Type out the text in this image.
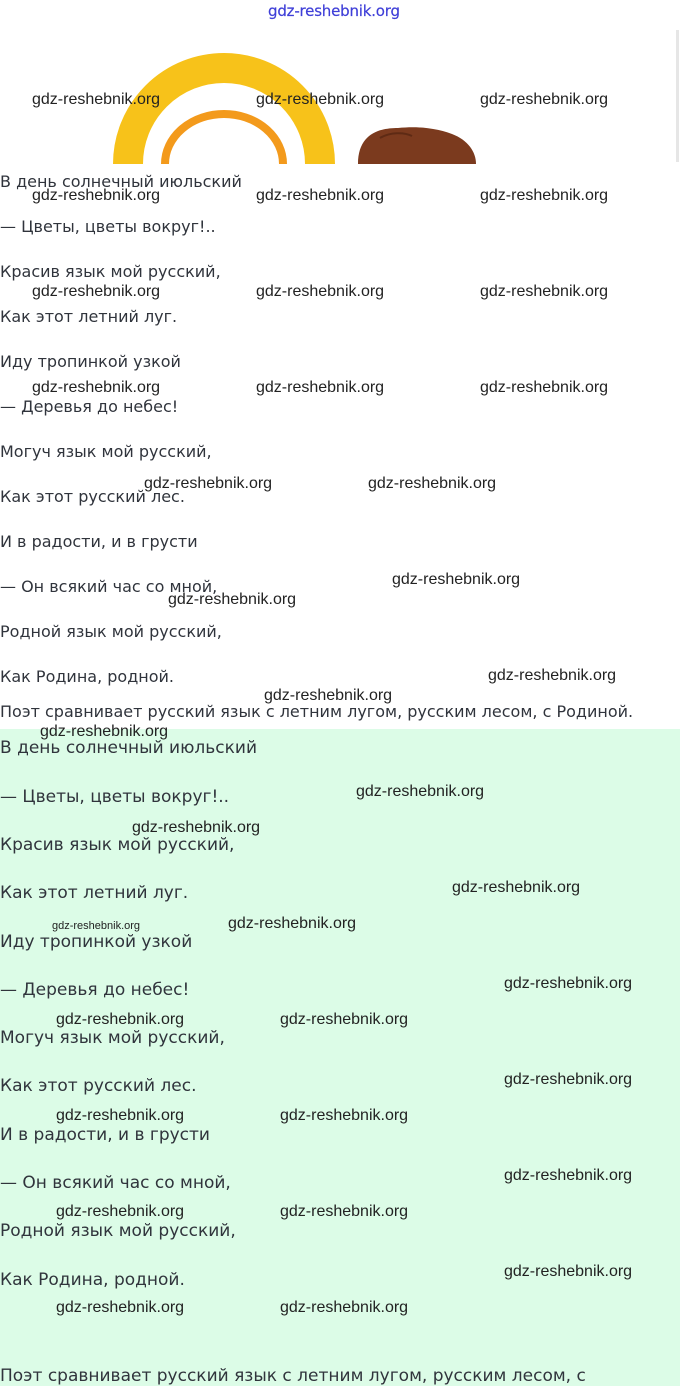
gdz-reshebnik.org
В день солнечный июльский
— Цветы, цветы вокруг!..
Красив язык мой русский,
Как этот летний луг.
Иду тропинкой узкой
— Деревья до небес!
Могуч язык мой русский,
Как этот русский лес.
И в радости, и в грусти
— Он всякий час со мной,
Родной язык мой русский,
Как Родина, родной.
Поэт сравнивает русский язык с летним лугом, русским лесом, с Родиной.
В день солнечный июльский
— Цветы, цветы вокруг!..
Красив язык мой русский,
Как этот летний луг.
Иду тропинкой узкой
— Деревья до небес!
Могуч язык мой русский,
Как этот русский лес.
И в радости, и в грусти
— Он всякий час со мной,
Родной язык мой русский,
Как Родина, родной.
Поэт сравнивает русский язык с летним лугом, русским лесом, с
gdz-reshebnik.org	gdz-reshebnik.org	gdz-reshebnik.org
gdz-reshebnik.org	gdz-reshebnik.org	gdz-reshebnik.org
gdz-reshebnik.org	gdz-reshebnik.org	gdz-reshebnik.org
gdz-reshebnik.org	gdz-reshebnik.org	gdz-reshebnik.org
gdz-reshebnik.org	gdz-reshebnik.org
gdz-reshebnik.org
gdz-reshebnik.org
gdz-reshebnik.org
gdz-reshebnik.org
gdz-reshebnik.org
gdz-reshebnik.org
gdz-reshebnik.org
gdz-reshebnik.org
gdz-reshebnik.org	gdz-reshebnik.org
gdz-reshebnik.org
gdz-reshebnik.org	gdz-reshebnik.org
gdz-reshebnik.org
gdz-reshebnik.org	gdz-reshebnik.org
gdz-reshebnik.org
gdz-reshebnik.org	gdz-reshebnik.org
gdz-reshebnik.org
gdz-reshebnik.org	gdz-reshebnik.org
